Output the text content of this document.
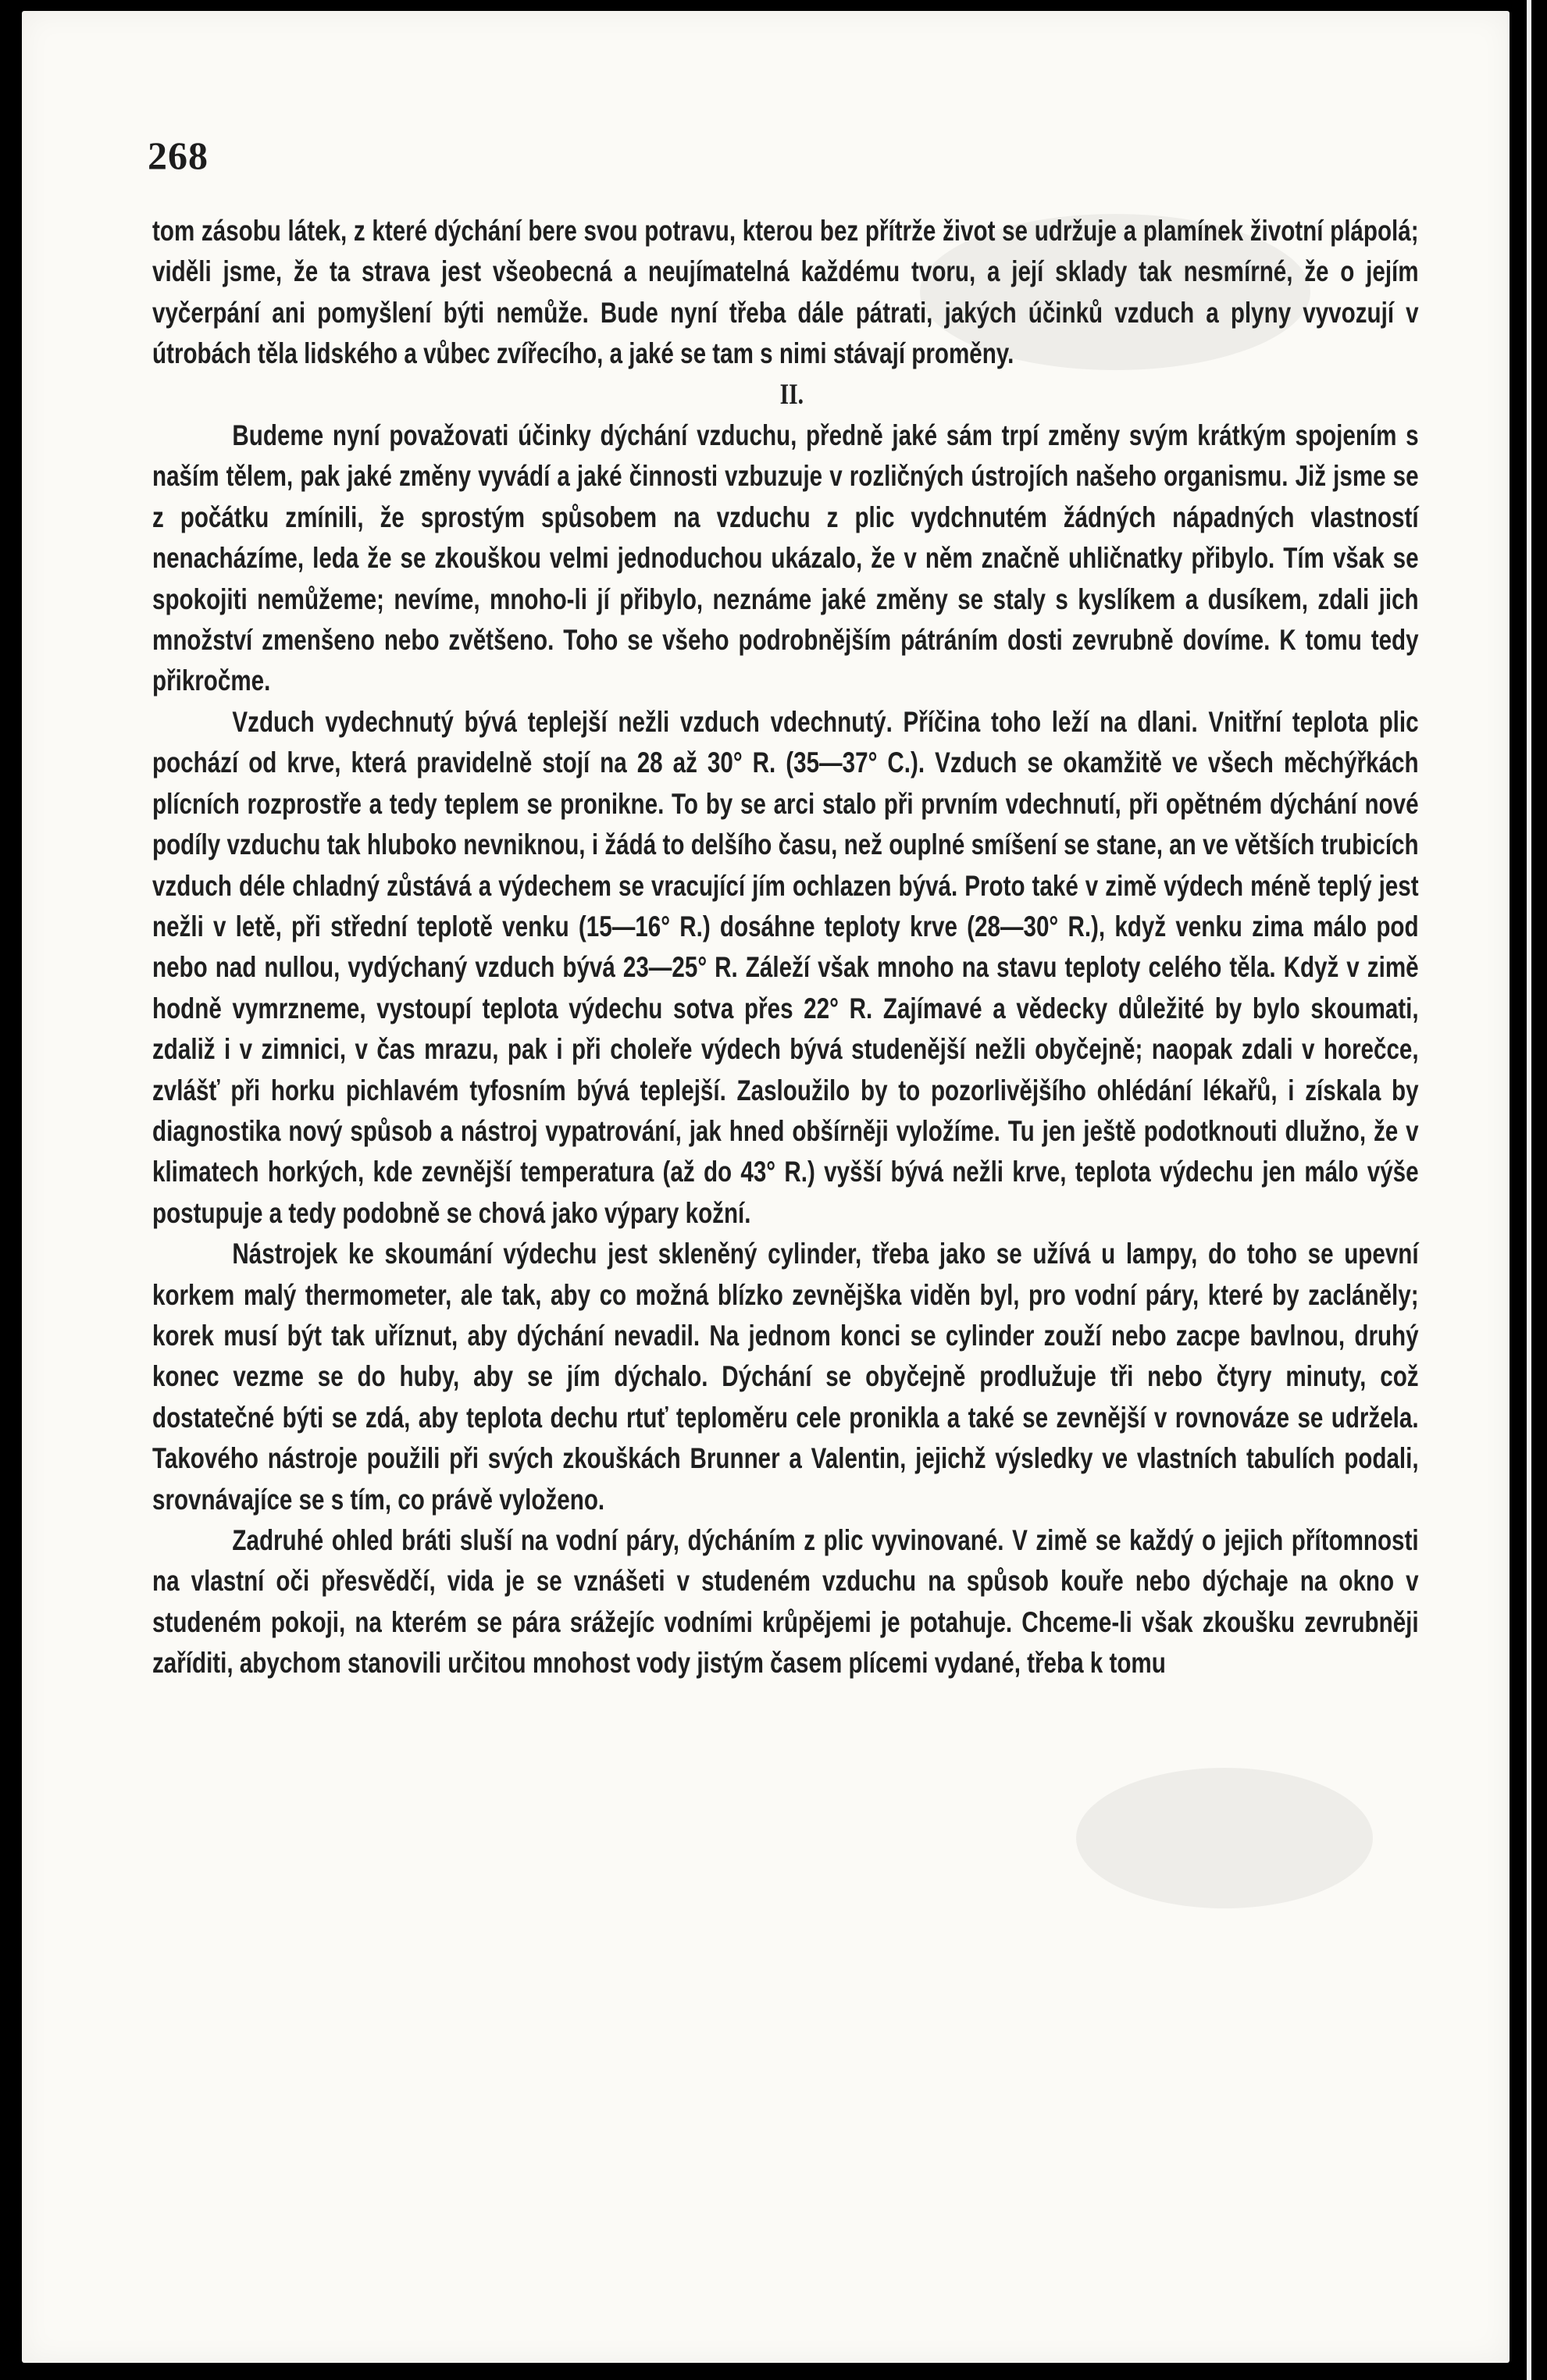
268

tom zásobu látek, z které dýchání bere svou potravu, kterou bez přítrže život se udržuje a plamínek životní plápolá; viděli jsme, že ta strava jest všeobecná a neujímatelná každému tvoru, a její sklady tak nesmírné, že o jejím vyčerpání ani pomyšlení býti nemůže. Bude nyní třeba dále pátrati, jakých účinků vzduch a plyny vyvozují v útrobách těla lidského a vůbec zvířecího, a jaké se tam s nimi stávají proměny.

II.

Budeme nyní považovati účinky dýchání vzduchu, předně jaké sám trpí změny svým krátkým spojením s naším tělem, pak jaké změny vyvádí a jaké činnosti vzbuzuje v rozličných ústrojích našeho organismu. Již jsme se z počátku zmínili, že sprostým spůsobem na vzduchu z plic vydchnutém žádných nápadných vlastností nenacházíme, leda že se zkouškou velmi jednoduchou ukázalo, že v něm značně uhličnatky přibylo. Tím však se spokojiti nemůžeme; nevíme, mnoho-li jí přibylo, neznáme jaké změny se staly s kyslíkem a dusíkem, zdali jich množství zmenšeno nebo zvětšeno. Toho se všeho podrobnějším pátráním dosti zevrubně dovíme. K tomu tedy přikročme.

Vzduch vydechnutý bývá teplejší nežli vzduch vdechnutý. Příčina toho leží na dlani. Vnitřní teplota plic pochází od krve, která pravidelně stojí na 28 až 30° R. (35—37° C.). Vzduch se okamžitě ve všech měchýřkách plícních rozprostře a tedy teplem se pronikne. To by se arci stalo při prvním vdechnutí, při opětném dýchání nové podíly vzduchu tak hluboko nevniknou, i žádá to delšího času, než ouplné smíšení se stane, an ve větších trubicích vzduch déle chladný zůstává a výdechem se vracující jím ochlazen bývá. Proto také v zimě výdech méně teplý jest nežli v letě, při střední teplotě venku (15—16° R.) dosáhne teploty krve (28—30° R.), když venku zima málo pod nebo nad nullou, vydýchaný vzduch bývá 23—25° R. Záleží však mnoho na stavu teploty celého těla. Když v zimě hodně vymrzneme, vystoupí teplota výdechu sotva přes 22° R. Zajímavé a vědecky důležité by bylo skoumati, zdaliž i v zimnici, v čas mrazu, pak i při choleře výdech bývá studenější nežli obyčejně; naopak zdali v horečce, zvlášť při horku pichlavém tyfosním bývá teplejší. Zasloužilo by to pozorlivějšího ohlédání lékařů, i získala by diagnostika nový spůsob a nástroj vypatrování, jak hned obšírněji vyložíme. Tu jen ještě podotknouti dlužno, že v klimatech horkých, kde zevnější temperatura (až do 43° R.) vyšší bývá nežli krve, teplota výdechu jen málo výše postupuje a tedy podobně se chová jako výpary kožní.

Nástrojek ke skoumání výdechu jest skleněný cylinder, třeba jako se užívá u lampy, do toho se upevní korkem malý thermometer, ale tak, aby co možná blízko zevnějška viděn byl, pro vodní páry, které by zacláněly; korek musí být tak uříznut, aby dýchání nevadil. Na jednom konci se cylinder zouží nebo zacpe bavlnou, druhý konec vezme se do huby, aby se jím dýchalo. Dýchání se obyčejně prodlužuje tři nebo čtyry minuty, což dostatečné býti se zdá, aby teplota dechu rtuť teploměru cele pronikla a také se zevnější v rovnováze se udržela. Takového nástroje použili při svých zkouškách Brunner a Valentin, jejichž výsledky ve vlastních tabulích podali, srovnávajíce se s tím, co právě vyloženo.

Zadruhé ohled bráti sluší na vodní páry, dýcháním z plic vyvinované. V zimě se každý o jejich přítomnosti na vlastní oči přesvědčí, vida je se vznášeti v studeném vzduchu na spůsob kouře nebo dýchaje na okno v studeném pokoji, na kterém se pára srážejíc vodními krůpějemi je potahuje. Chceme-li však zkoušku zevrubněji zaříditi, abychom stanovili určitou mnohost vody jistým časem plícemi vydané, třeba k tomu
